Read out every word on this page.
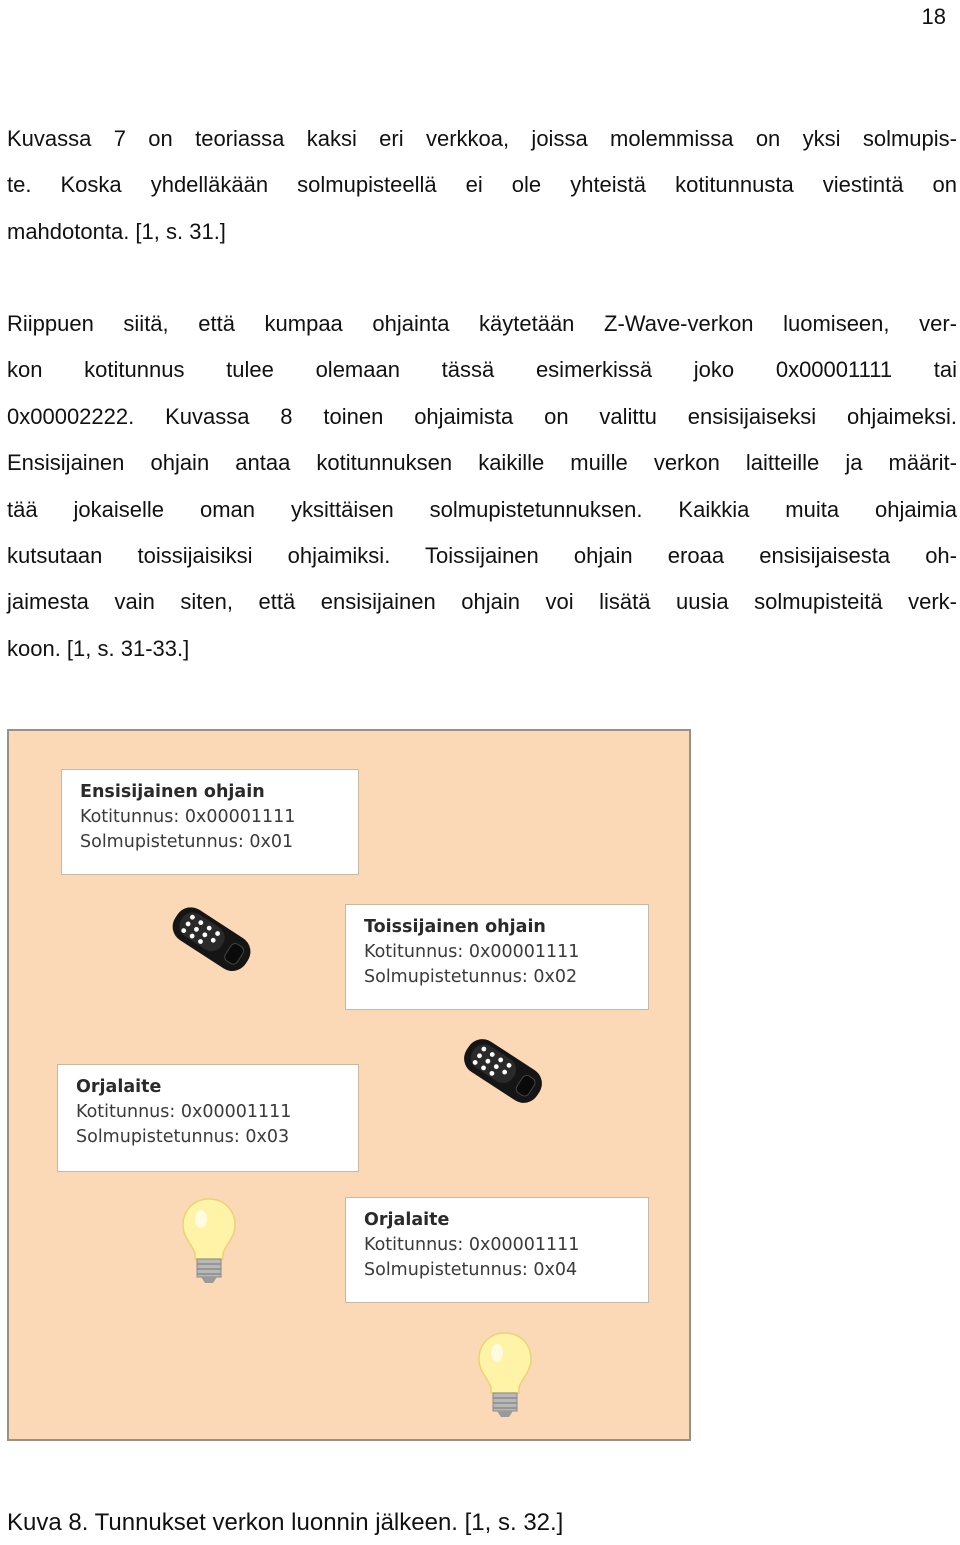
18

Kuvassa 7 on teoriassa kaksi eri verkkoa, joissa molemmissa on yksi solmupis-
te. Koska yhdelläkään solmupisteellä ei ole yhteistä kotitunnusta viestintä on
mahdotonta. [1, s. 31.]

Riippuen siitä, että kumpaa ohjainta käytetään Z-Wave-verkon luomiseen, ver-
kon kotitunnus tulee olemaan tässä esimerkissä joko 0x00001111 tai
0x00002222. Kuvassa 8 toinen ohjaimista on valittu ensisijaiseksi ohjaimeksi.
Ensisijainen ohjain antaa kotitunnuksen kaikille muille verkon laitteille ja määrit-
tää jokaiselle oman yksittäisen solmupistetunnuksen. Kaikkia muita ohjaimia
kutsutaan toissijaisiksi ohjaimiksi. Toissijainen ohjain eroaa ensisijaisesta oh-
jaimesta vain siten, että ensisijainen ohjain voi lisätä uusia solmupisteitä verk-
koon. [1, s. 31-33.]

Ensisijainen ohjain
Kotitunnus: 0x00001111
Solmupistetunnus: 0x01
Toissijainen ohjain
Kotitunnus: 0x00001111
Solmupistetunnus: 0x02
Orjalaite
Kotitunnus: 0x00001111
Solmupistetunnus: 0x03
Orjalaite
Kotitunnus: 0x00001111
Solmupistetunnus: 0x04
Kuva 8. Tunnukset verkon luonnin jälkeen. [1, s. 32.]
